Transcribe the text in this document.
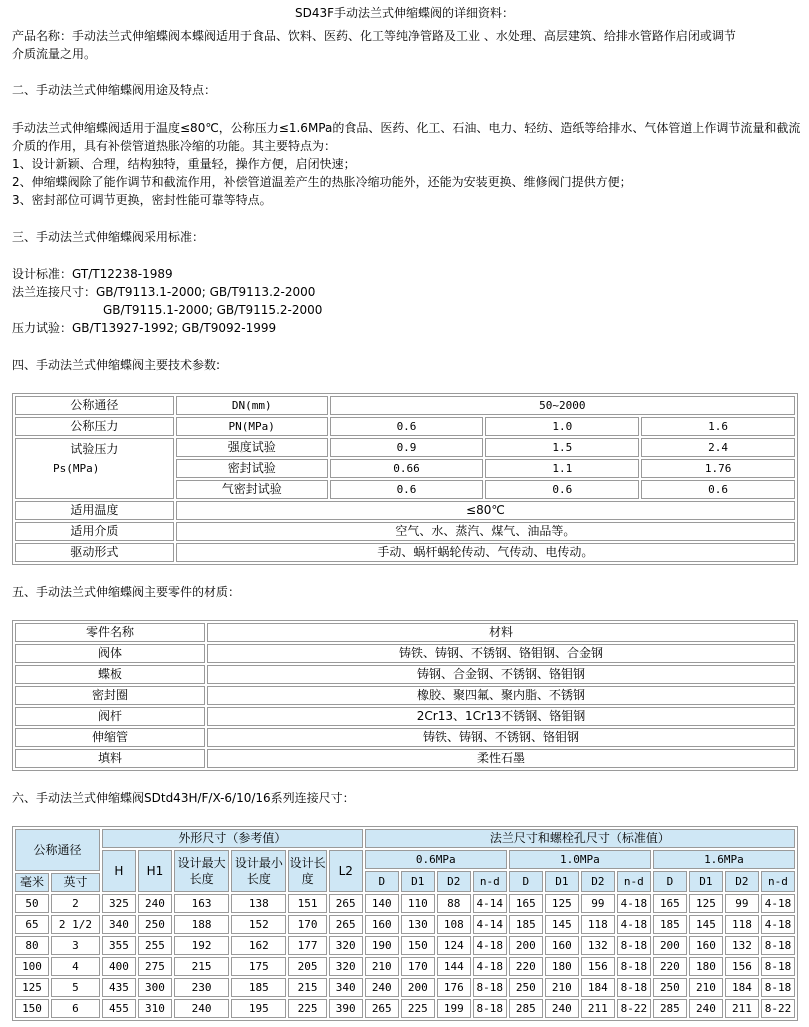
SD43F手动法兰式伸缩蝶阀的详细资料：
产品名称：手动法兰式伸缩蝶阀本蝶阀适用于食品、饮料、医药、化工等纯净管路及工业 、水处理、高层建筑、给排水管路作启闭或调节
介质流量之用。
二、手动法兰式伸缩蝶阀用途及特点：
手动法兰式伸缩蝶阀适用于温度≤80℃，公称压力≤1.6MPa的食品、医药、化工、石油、电力、轻纺、造纸等给排水、气体管道上作调节流量和截流
介质的作用，具有补偿管道热胀冷缩的功能。其主要特点为：
1、设计新颖、合理，结构独特，重量轻，操作方便，启闭快速；
2、伸缩蝶阀除了能作调节和截流作用，补偿管道温差产生的热胀冷缩功能外，还能为安装更换、维修阀门提供方便；
3、密封部位可调节更换，密封性能可靠等特点。
三、手动法兰式伸缩蝶阀采用标准：
设计标准：GT/T12238-1989
法兰连接尺寸：GB/T9113.1-2000; GB/T9113.2-2000
GB/T9115.1-2000; GB/T9115.2-2000
压力试验：GB/T13927-1992; GB/T9092-1999
四、手动法兰式伸缩蝶阀主要技术参数:
公称通径	DN(mm)	50~2000		
公称压力	PN(MPa)	0.6	1.0	1.6

试验压力
Ps(MPa)	强度试验	0.9	1.5	2.4
	密封试验	0.66	1.1	1.76
	气密封试验	0.6	0.6	0.6
适用温度	≤80℃			
适用介质	空气、水、蒸汽、煤气、油品等。			
驱动形式	手动、蜗杆蜗轮传动、气传动、电传动。			
五、手动法兰式伸缩蝶阀主要零件的材质：
零件名称	材料
阀体	铸铁、铸钢、不锈钢、铬钼钢、合金钢
蝶板	铸钢、合金钢、不锈钢、铬钼钢
密封圈	橡胶、聚四氟、聚内脂、不锈钢
阀杆	2Cr13、1Cr13不锈钢、铬钼钢
伸缩管	铸铁、铸钢、不锈钢、铬钼钢
填料	柔性石墨
六、手动法兰式伸缩蝶阀SDtd43H/F/X-6/10/16系列连接尺寸：
公称通径		外形尺寸（参考值）						法兰尺寸和螺栓孔尺寸（标准值）											
		H	H1	设计最大长度	设计最小长度	设计长度	L2	0.6MPa				1.0MPa				1.6MPa			
								D	D1	D2	n-d	D	D1	D2	n-d	D	D1	D2	n-d
毫米	英寸																		
50	2	325	240	163	138	151	265	140	110	88	4-14	165	125	99	4-18	165	125	99	4-18
65	2 1/2	340	250	188	152	170	265	160	130	108	4-14	185	145	118	4-18	185	145	118	4-18
80	3	355	255	192	162	177	320	190	150	124	4-18	200	160	132	8-18	200	160	132	8-18
100	4	400	275	215	175	205	320	210	170	144	4-18	220	180	156	8-18	220	180	156	8-18
125	5	435	300	230	185	215	340	240	200	176	8-18	250	210	184	8-18	250	210	184	8-18
150	6	455	310	240	195	225	390	265	225	199	8-18	285	240	211	8-22	285	240	211	8-22
